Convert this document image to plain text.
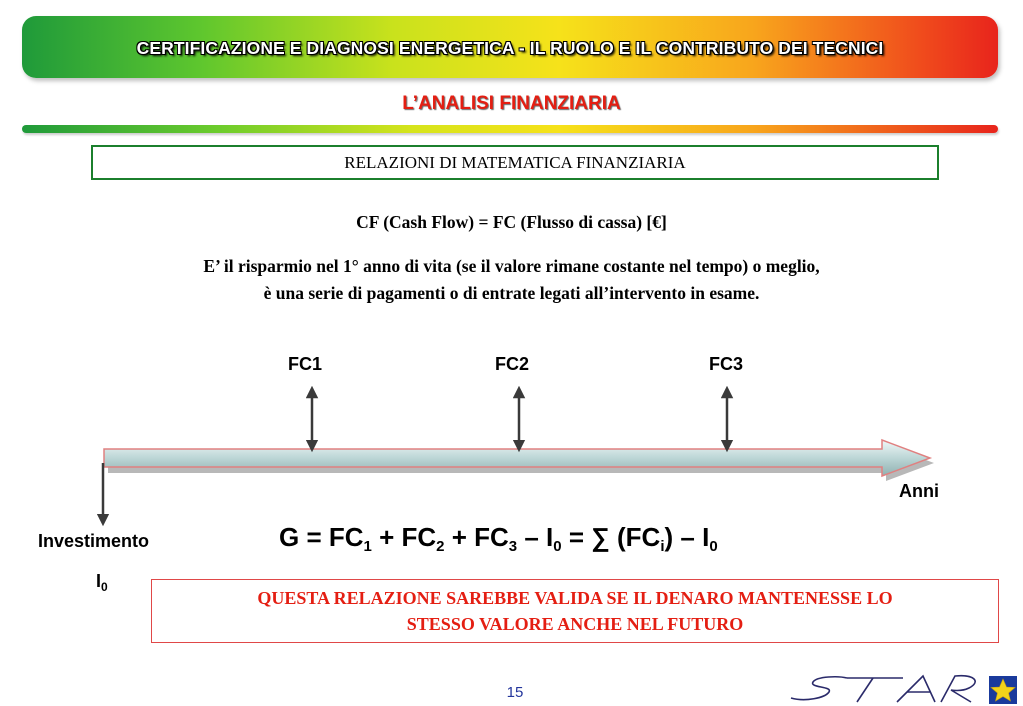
CERTIFICAZIONE E DIAGNOSI ENERGETICA - IL RUOLO E IL CONTRIBUTO DEI TECNICI
L’ANALISI FINANZIARIA
RELAZIONI DI MATEMATICA FINANZIARIA
CF (Cash Flow) = FC (Flusso di cassa) [€]
E’ il risparmio nel 1° anno di vita (se il valore rimane costante nel tempo) o meglio,
è una serie di pagamenti o di entrate legati all’intervento in esame.
FC1	FC2	FC3
Anni
Investimento
$I_0$
$G = FC_1 + FC_2 + FC_3 - I_0$ = ∑ $(FC_i) - I_0$
QUESTA RELAZIONE SAREBBE VALIDA SE IL DENARO MANTENESSE LO
STESSO VALORE ANCHE NEL FUTURO
15
